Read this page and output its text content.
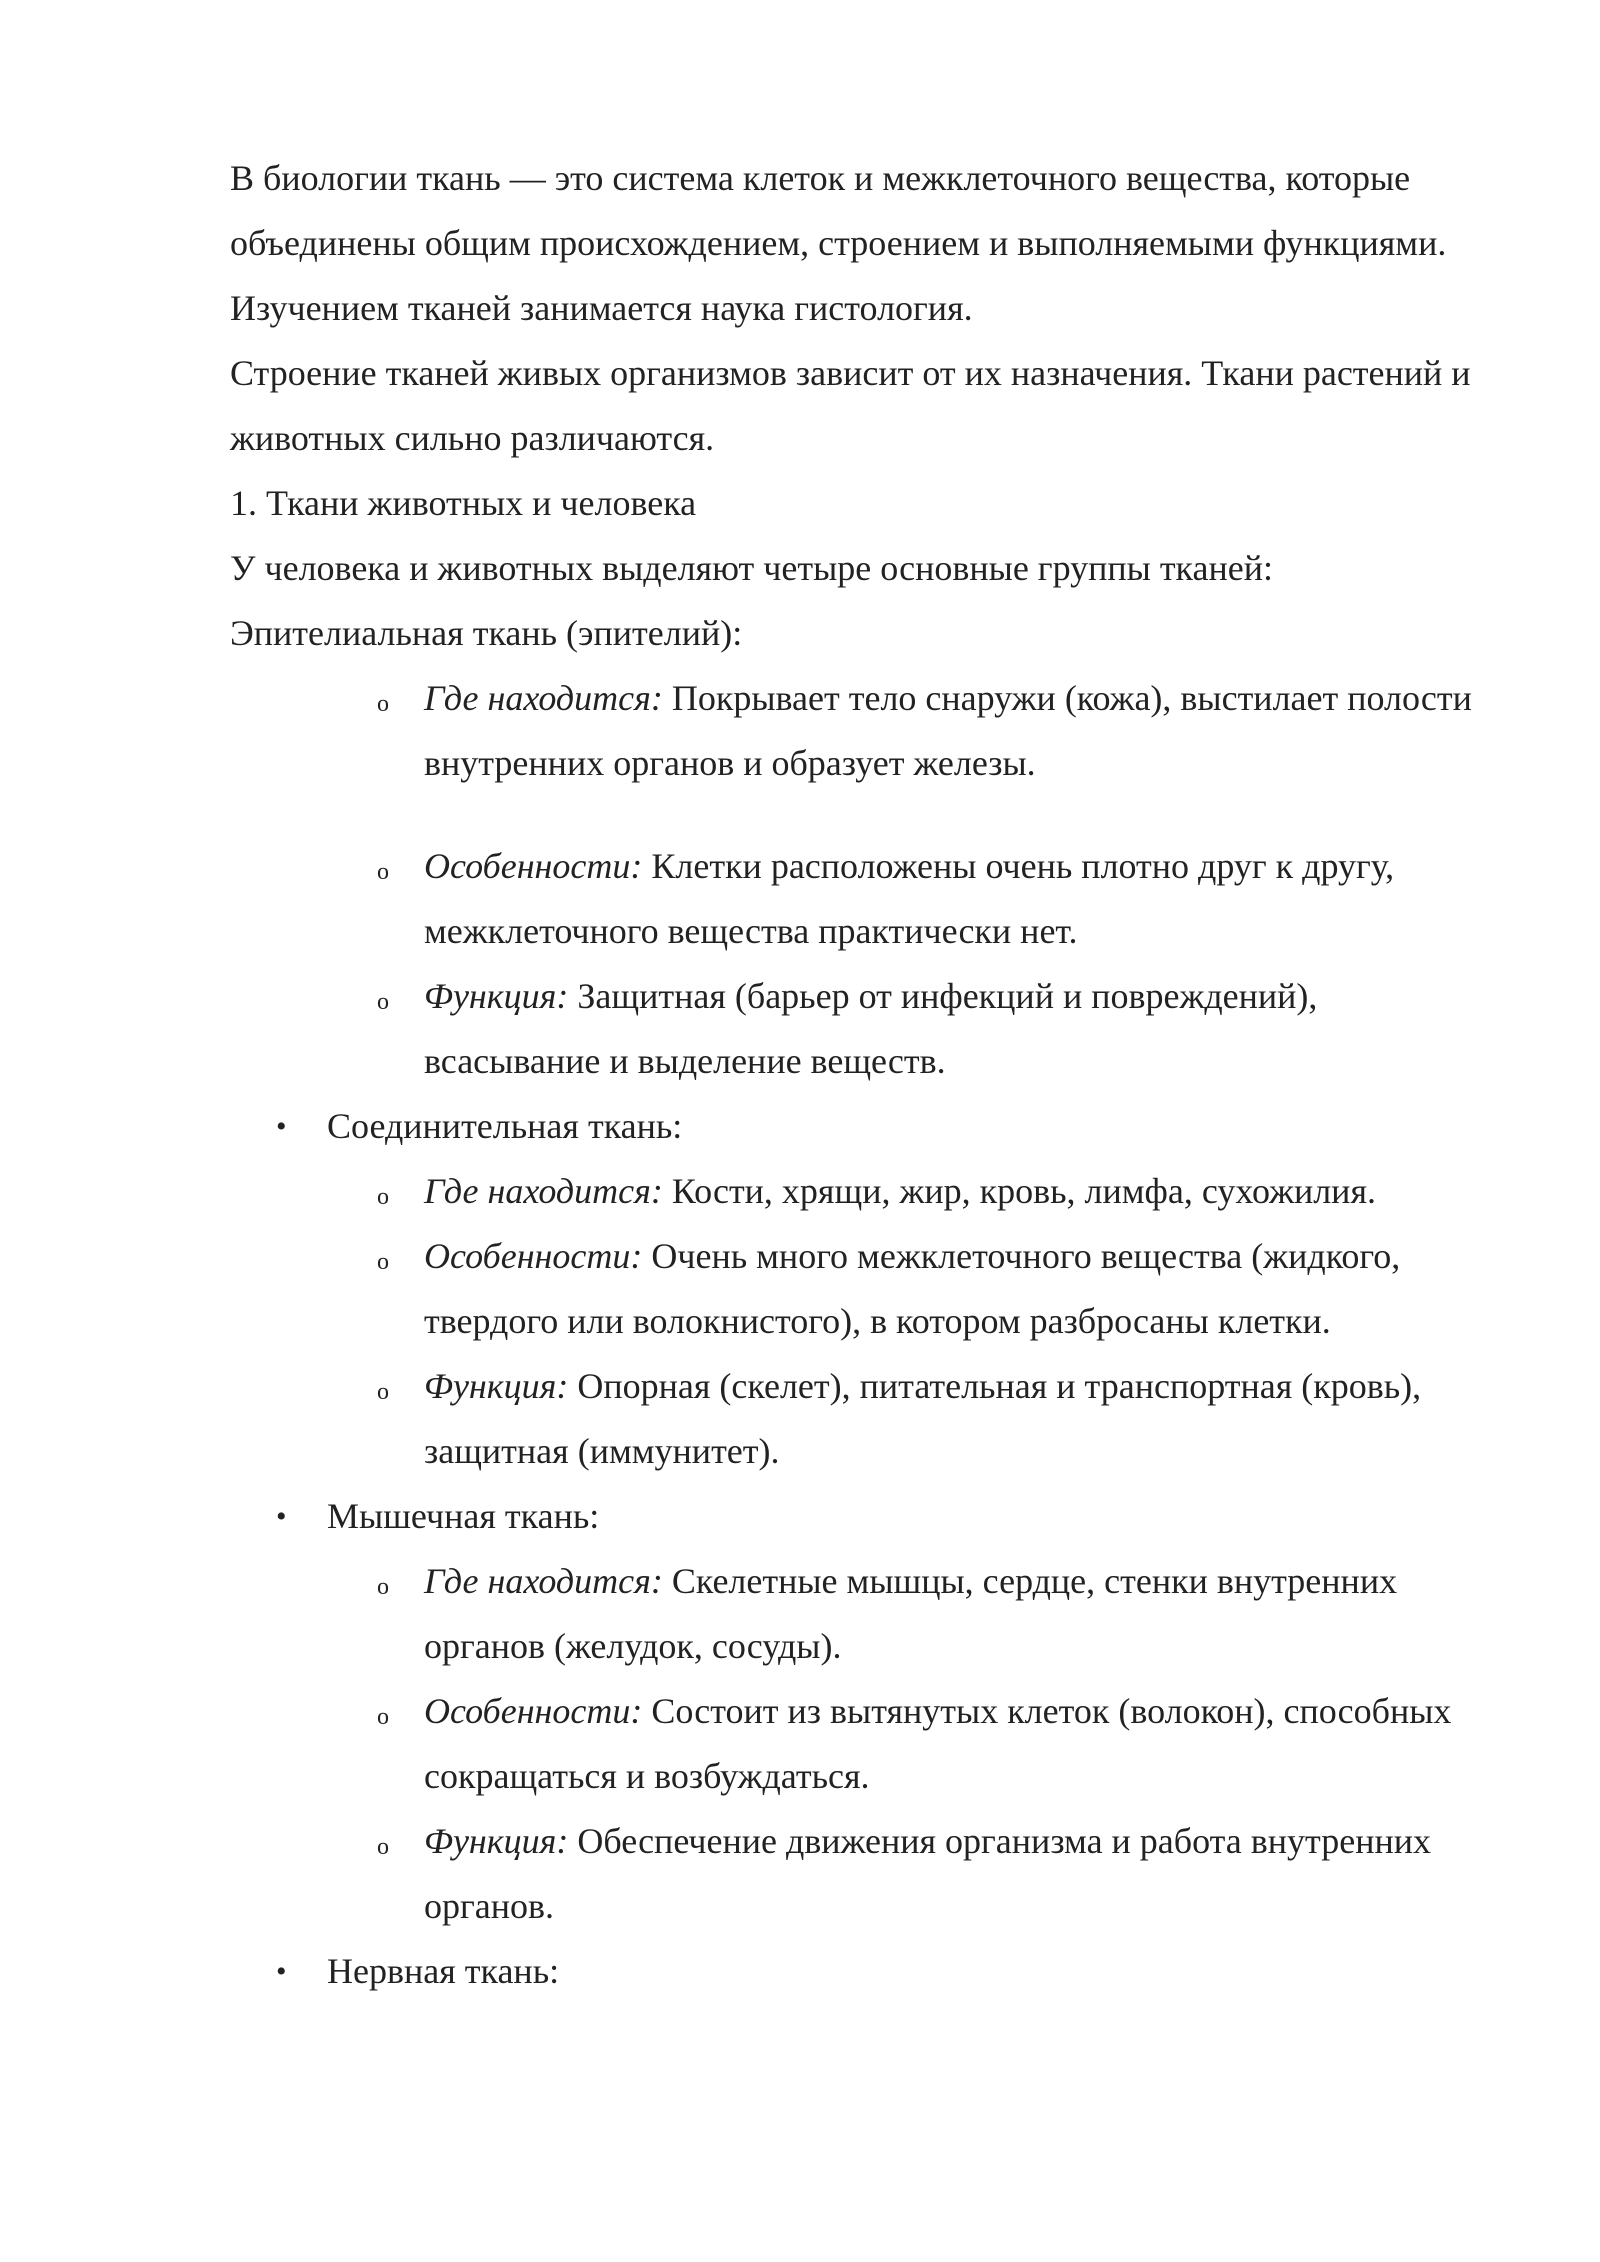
В биологии ткань — это система клеток и межклеточного вещества, которые объединены общим происхождением, строением и выполняемыми функциями.

Изучением тканей занимается наука гистология.

Строение тканей живых организмов зависит от их назначения. Ткани растений и животных сильно различаются.

1. Ткани животных и человека

У человека и животных выделяют четыре основные группы тканей:

Эпителиальная ткань (эпителий):

o Где находится: Покрывает тело снаружи (кожа), выстилает полости внутренних органов и образует железы.
o Особенности: Клетки расположены очень плотно друг к другу, межклеточного вещества практически нет.
o Функция: Защитная (барьер от инфекций и повреждений), всасывание и выделение веществ.
• Соединительная ткань:
o Где находится: Кости, хрящи, жир, кровь, лимфа, сухожилия.
o Особенности: Очень много межклеточного вещества (жидкого, твердого или волокнистого), в котором разбросаны клетки.
o Функция: Опорная (скелет), питательная и транспортная (кровь), защитная (иммунитет).
• Мышечная ткань:
o Где находится: Скелетные мышцы, сердце, стенки внутренних органов (желудок, сосуды).
o Особенности: Состоит из вытянутых клеток (волокон), способных сокращаться и возбуждаться.
o Функция: Обеспечение движения организма и работа внутренних органов.
• Нервная ткань:
